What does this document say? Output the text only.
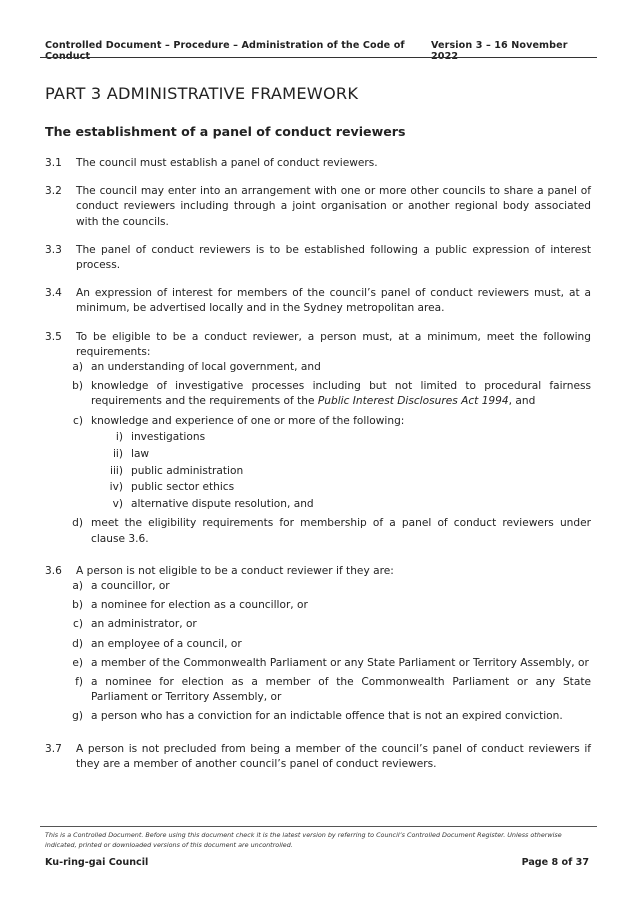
Controlled Document – Procedure – Administration of the Code of Conduct
Version 3 – 16 November 2022
PART 3 ADMINISTRATIVE FRAMEWORK
The establishment of a panel of conduct reviewers
3.1	The council must establish a panel of conduct reviewers.
3.2	The council may enter into an arrangement with one or more other councils to share a panel of conduct reviewers including through a joint organisation or another regional body associated with the councils.
3.3	The panel of conduct reviewers is to be established following a public expression of interest process.
3.4	An expression of interest for members of the council’s panel of conduct reviewers must, at a minimum, be advertised locally and in the Sydney metropolitan area.
3.5	To be eligible to be a conduct reviewer, a person must, at a minimum, meet the following requirements:
a) an understanding of local government, and
b) knowledge of investigative processes including but not limited to procedural fairness requirements and the requirements of the Public Interest Disclosures Act 1994, and
c) knowledge and experience of one or more of the following:
i) investigations
ii) law
iii) public administration
iv) public sector ethics
v) alternative dispute resolution, and
d) meet the eligibility requirements for membership of a panel of conduct reviewers under clause 3.6.
3.6	A person is not eligible to be a conduct reviewer if they are:
a) a councillor, or
b) a nominee for election as a councillor, or
c) an administrator, or
d) an employee of a council, or
e) a member of the Commonwealth Parliament or any State Parliament or Territory Assembly, or
f) a nominee for election as a member of the Commonwealth Parliament or any State Parliament or Territory Assembly, or
g) a person who has a conviction for an indictable offence that is not an expired conviction.
3.7	A person is not precluded from being a member of the council’s panel of conduct reviewers if they are a member of another council’s panel of conduct reviewers.
This is a Controlled Document. Before using this document check it is the latest version by referring to Council’s Controlled Document Register. Unless otherwise indicated, printed or downloaded versions of this document are uncontrolled.
Ku-ring-gai Council	Page 8 of 37
